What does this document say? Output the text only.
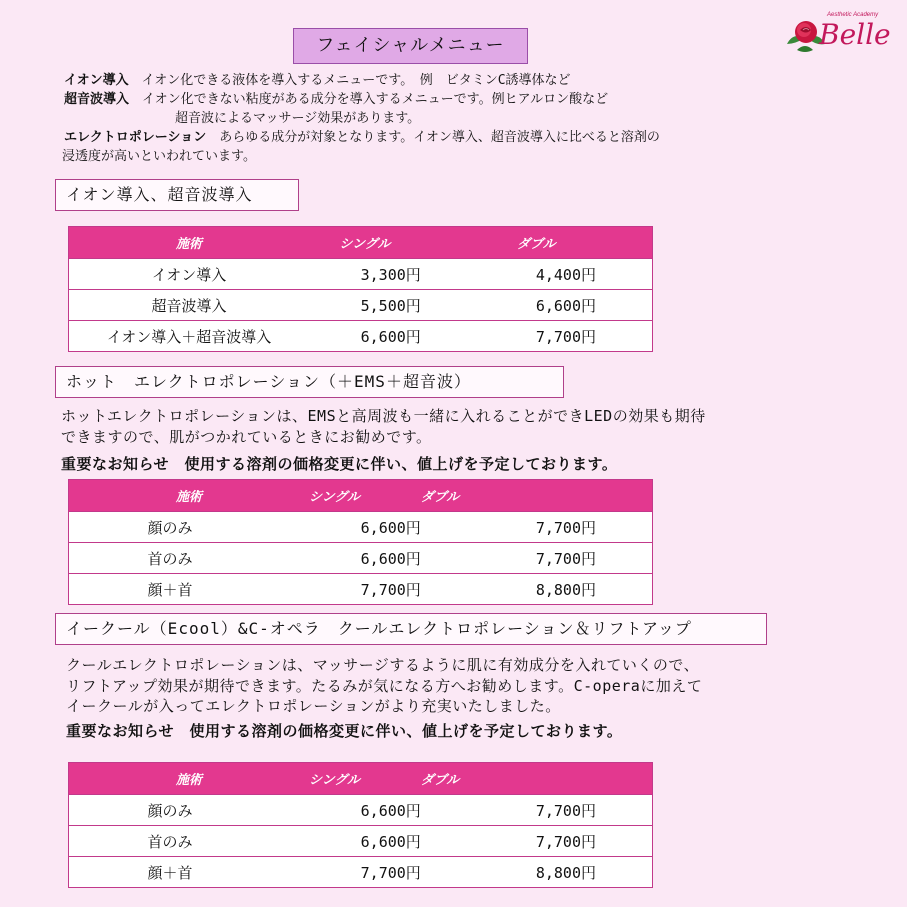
フェイシャルメニュー
Aesthetic Academy
Belle
イオン導入　 イオン化できる液体を導入するメニューです。　例　ビタミンC誘導体など
超音波導入　 イオン化できない粘度がある成分を導入するメニューです。例ヒアルロン酸など
超音波によるマッサージ効果があります。
エレクトロポレーション　 あらゆる成分が対象となります。イオン導入、超音波導入に比べると溶剤の
浸透度が高いといわれています。
イオン導入、超音波導入
施術	シングル	ダブル
イオン導入	3,300円	4,400円
超音波導入	5,500円	6,600円
イオン導入＋超音波導入	6,600円	7,700円
ホット　エレクトロポレーション（＋EMS＋超音波）
ホットエレクトロポレーションは、EMSと高周波も一緒に入れることができLEDの効果も期待
できますので、肌がつかれているときにお勧めです。
重要なお知らせ　使用する溶剤の価格変更に伴い、値上げを予定しております。
施術	シングル	ダブル
顔のみ	6,600円	7,700円
首のみ	6,600円	7,700円
顔＋首	7,700円	8,800円
イークール（Ecool）&C-オペラ　クールエレクトロポレーション＆リフトアップ
クールエレクトロポレーションは、マッサージするように肌に有効成分を入れていくので、
リフトアップ効果が期待できます。たるみが気になる方へお勧めします。C-operaに加えて
イークールが入ってエレクトロポレーションがより充実いたしました。
重要なお知らせ　使用する溶剤の価格変更に伴い、値上げを予定しております。
施術	シングル	ダブル
顔のみ	6,600円	7,700円
首のみ	6,600円	7,700円
顔＋首	7,700円	8,800円
